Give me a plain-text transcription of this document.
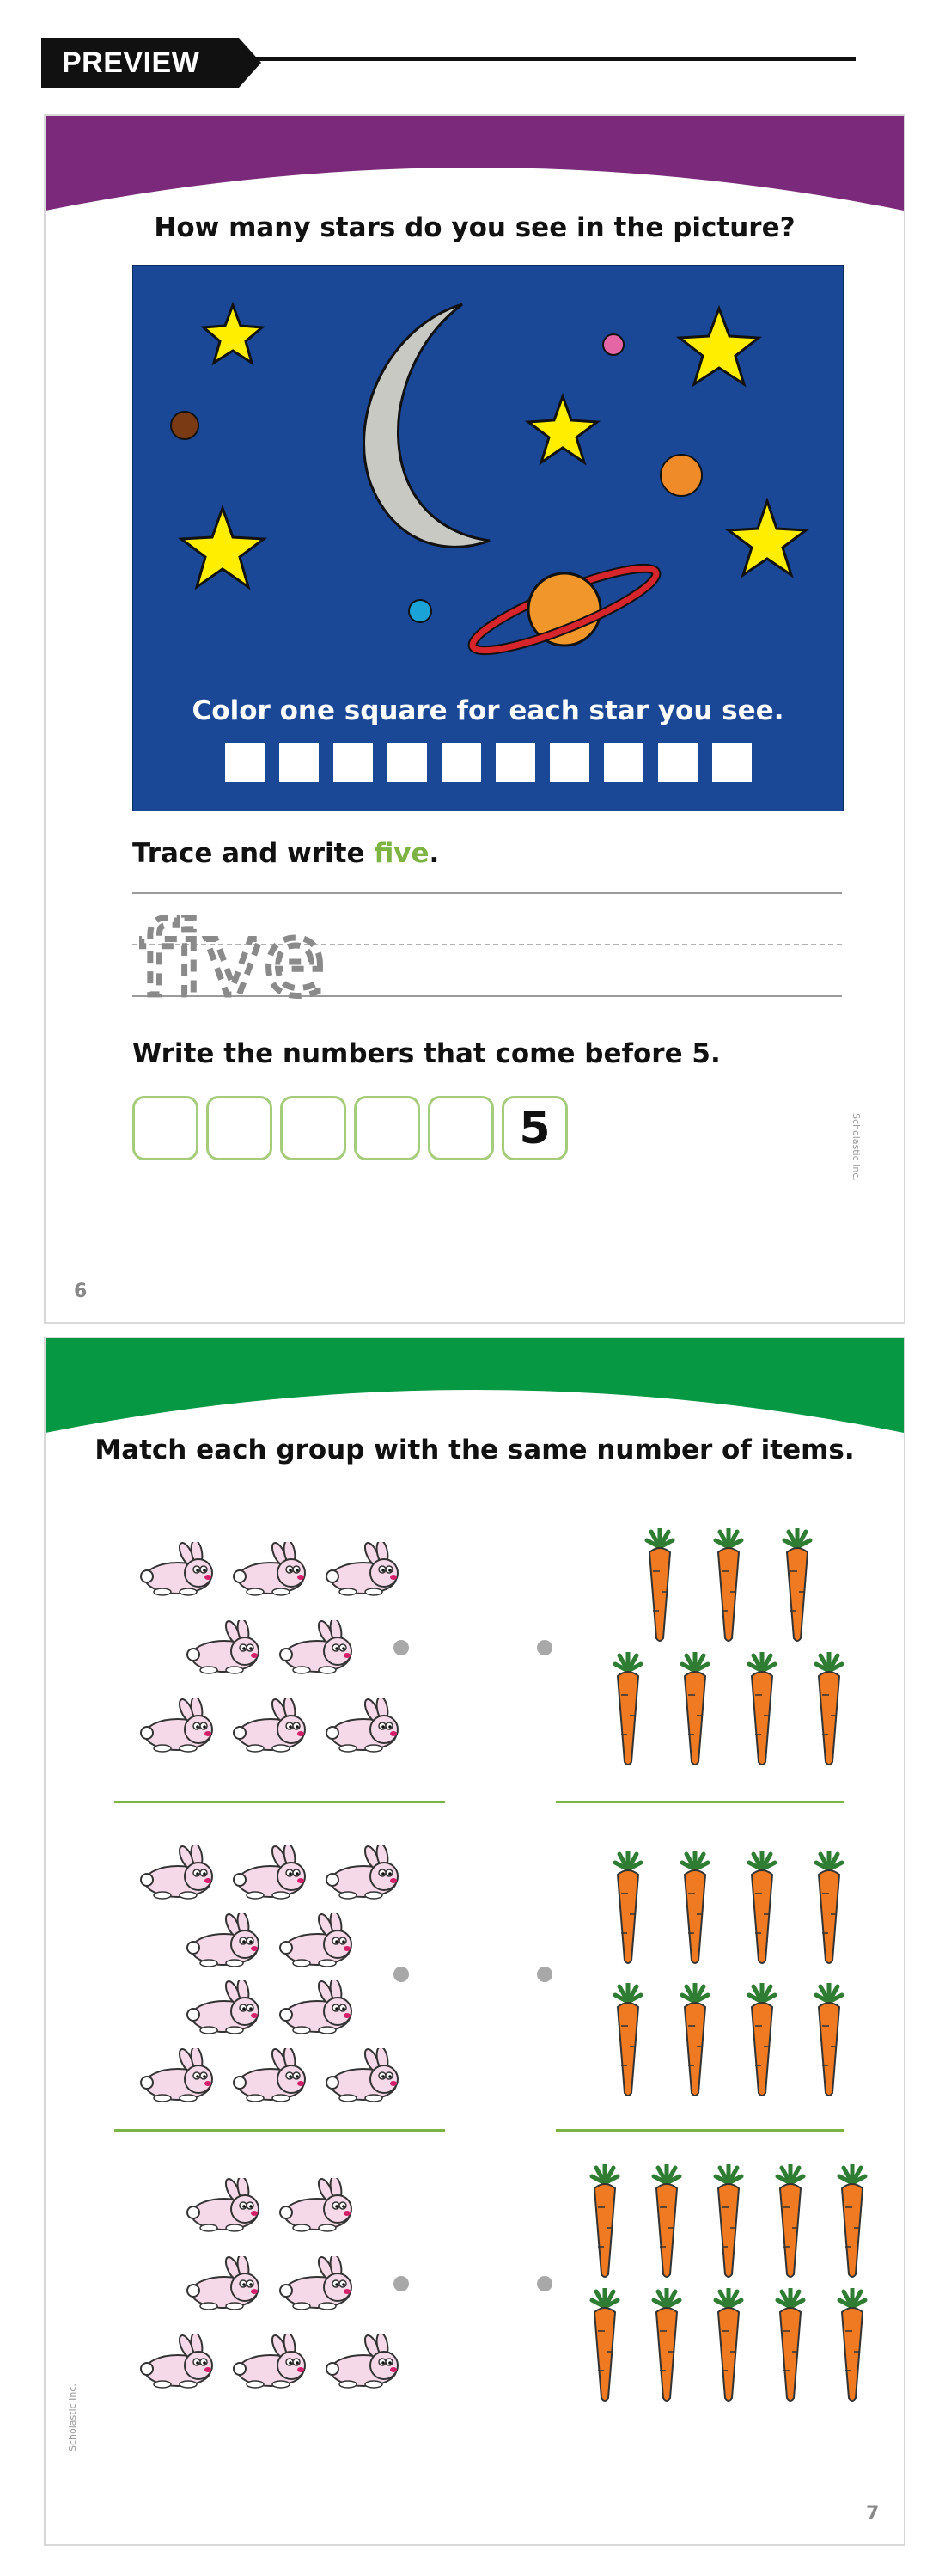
PREVIEW
How many stars do you see in the picture?
Color one square for each star you see.
Trace and write five.
five
Write the numbers that come before 5.
5
6
Scholastic Inc.
Match each group with the same number of items.
7
Scholastic Inc.
